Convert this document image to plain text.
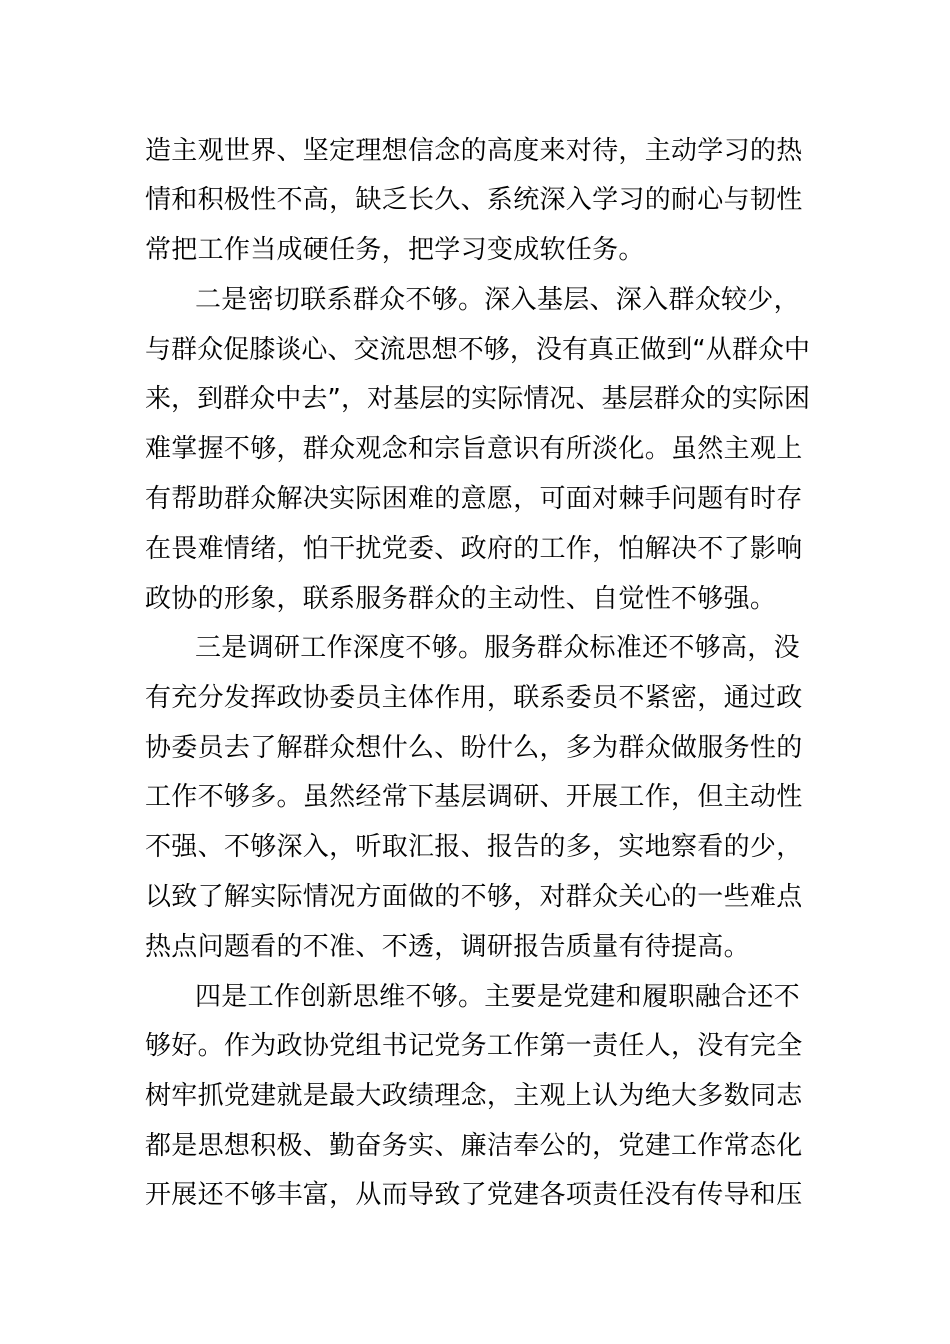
造主观世界、坚定理想信念的高度来对待，主动学习的热
情和积极性不高，缺乏长久、系统深入学习的耐心与韧性
常把工作当成硬任务，把学习变成软任务。
二是密切联系群众不够。深入基层、深入群众较少，
与群众促膝谈心、交流思想不够，没有真正做到“从群众中
来，到群众中去”，对基层的实际情况、基层群众的实际困
难掌握不够，群众观念和宗旨意识有所淡化。虽然主观上
有帮助群众解决实际困难的意愿，可面对棘手问题有时存
在畏难情绪，怕干扰党委、政府的工作，怕解决不了影响
政协的形象，联系服务群众的主动性、自觉性不够强。
三是调研工作深度不够。服务群众标准还不够高，没
有充分发挥政协委员主体作用，联系委员不紧密，通过政
协委员去了解群众想什么、盼什么，多为群众做服务性的
工作不够多。虽然经常下基层调研、开展工作，但主动性
不强、不够深入，听取汇报、报告的多，实地察看的少，
以致了解实际情况方面做的不够，对群众关心的一些难点
热点问题看的不准、不透，调研报告质量有待提高。
四是工作创新思维不够。主要是党建和履职融合还不
够好。作为政协党组书记党务工作第一责任人，没有完全
树牢抓党建就是最大政绩理念，主观上认为绝大多数同志
都是思想积极、勤奋务实、廉洁奉公的，党建工作常态化
开展还不够丰富，从而导致了党建各项责任没有传导和压
